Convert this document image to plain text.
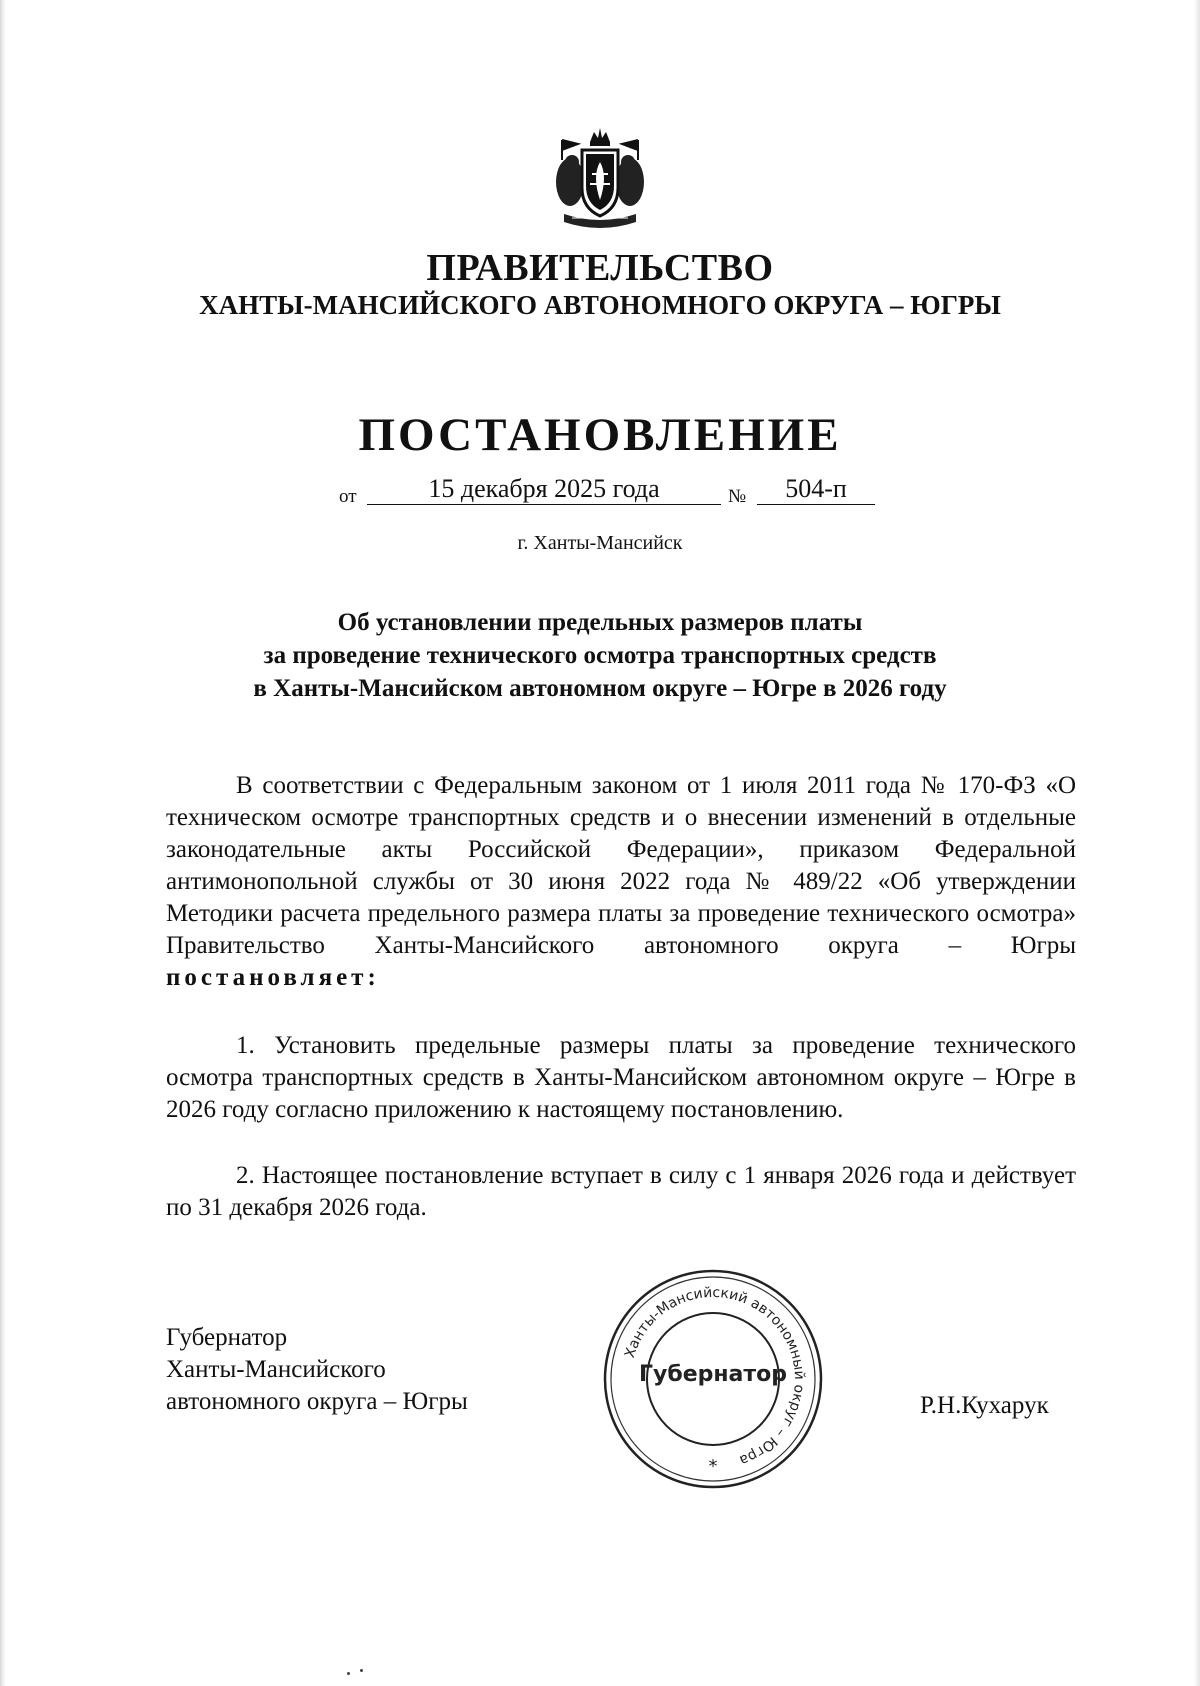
ПРАВИТЕЛЬСТВО
ХАНТЫ-МАНСИЙСКОГО АВТОНОМНОГО ОКРУГА – ЮГРЫ
ПОСТАНОВЛЕНИЕ
от	15 декабря 2025 года	№	504-п
г. Ханты-Мансийск
Об установлении предельных размеров платы
за проведение технического осмотра транспортных средств
в Ханты-Мансийском автономном округе – Югре в 2026 году
В соответствии с Федеральным законом от 1 июля 2011 года № 170-ФЗ «О техническом осмотре транспортных средств и о внесении изменений в отдельные законодательные акты Российской Федерации», приказом Федеральной антимонопольной службы от 30 июня 2022 года № 489/22 «Об утверждении Методики расчета предельного размера платы за проведение технического осмотра» Правительство Ханты-Мансийского автономного округа – Югры постановляет:
1. Установить предельные размеры платы за проведение технического осмотра транспортных средств в Ханты-Мансийском автономном округе – Югре в 2026 году согласно приложению к настоящему постановлению.
2. Настоящее постановление вступает в силу с 1 января 2026 года и действует по 31 декабря 2026 года.
Губернатор
Ханты-Мансийского
автономного округа – Югры
Ханты-Мансийский автономный округ – Югра
*
Губернатор
Р.Н.Кухарук
